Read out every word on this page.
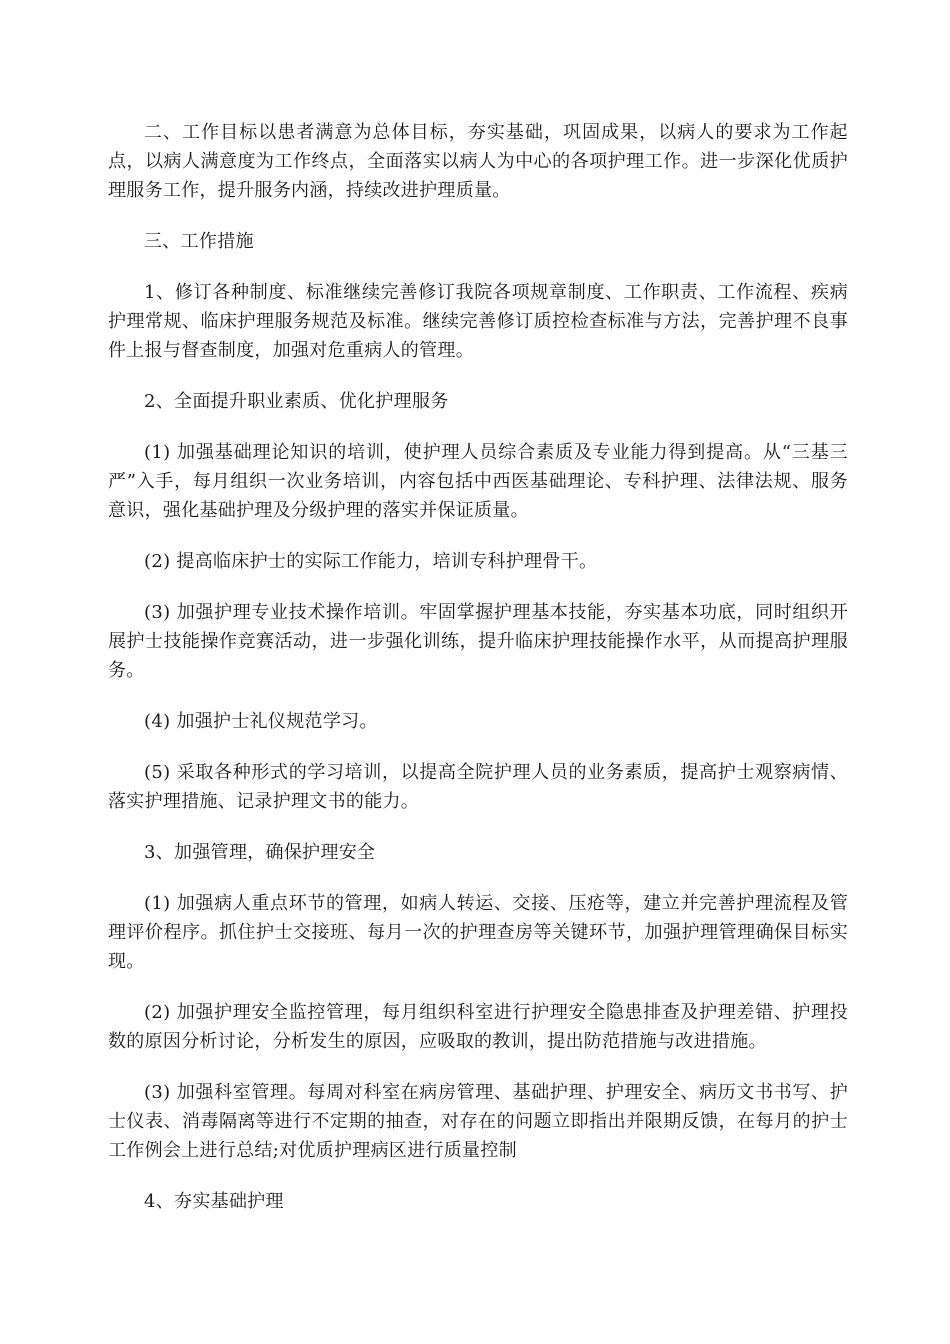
二、工作目标以患者满意为总体目标，夯实基础，巩固成果，以病人的要求为工作起点，以病人满意度为工作终点，全面落实以病人为中心的各项护理工作。进一步深化优质护理服务工作，提升服务内涵，持续改进护理质量。

三、工作措施

1、修订各种制度、标准继续完善修订我院各项规章制度、工作职责、工作流程、疾病护理常规、临床护理服务规范及标准。继续完善修订质控检查标准与方法，完善护理不良事件上报与督查制度，加强对危重病人的管理。

2、全面提升职业素质、优化护理服务

(1) 加强基础理论知识的培训，使护理人员综合素质及专业能力得到提高。从“三基三严”入手，每月组织一次业务培训，内容包括中西医基础理论、专科护理、法律法规、服务意识，强化基础护理及分级护理的落实并保证质量。

(2) 提高临床护士的实际工作能力，培训专科护理骨干。

(3) 加强护理专业技术操作培训。牢固掌握护理基本技能，夯实基本功底，同时组织开展护士技能操作竞赛活动，进一步强化训练，提升临床护理技能操作水平，从而提高护理服务。

(4) 加强护士礼仪规范学习。

(5) 采取各种形式的学习培训，以提高全院护理人员的业务素质，提高护士观察病情、落实护理措施、记录护理文书的能力。

3、加强管理，确保护理安全

(1) 加强病人重点环节的管理，如病人转运、交接、压疮等，建立并完善护理流程及管理评价程序。抓住护士交接班、每月一次的护理查房等关键环节，加强护理管理确保目标实现。

(2) 加强护理安全监控管理，每月组织科室进行护理安全隐患排查及护理差错、护理投数的原因分析讨论，分析发生的原因，应吸取的教训，提出防范措施与改进措施。

(3) 加强科室管理。每周对科室在病房管理、基础护理、护理安全、病历文书书写、护士仪表、消毒隔离等进行不定期的抽查，对存在的问题立即指出并限期反馈，在每月的护士工作例会上进行总结;对优质护理病区进行质量控制

4、夯实基础护理
